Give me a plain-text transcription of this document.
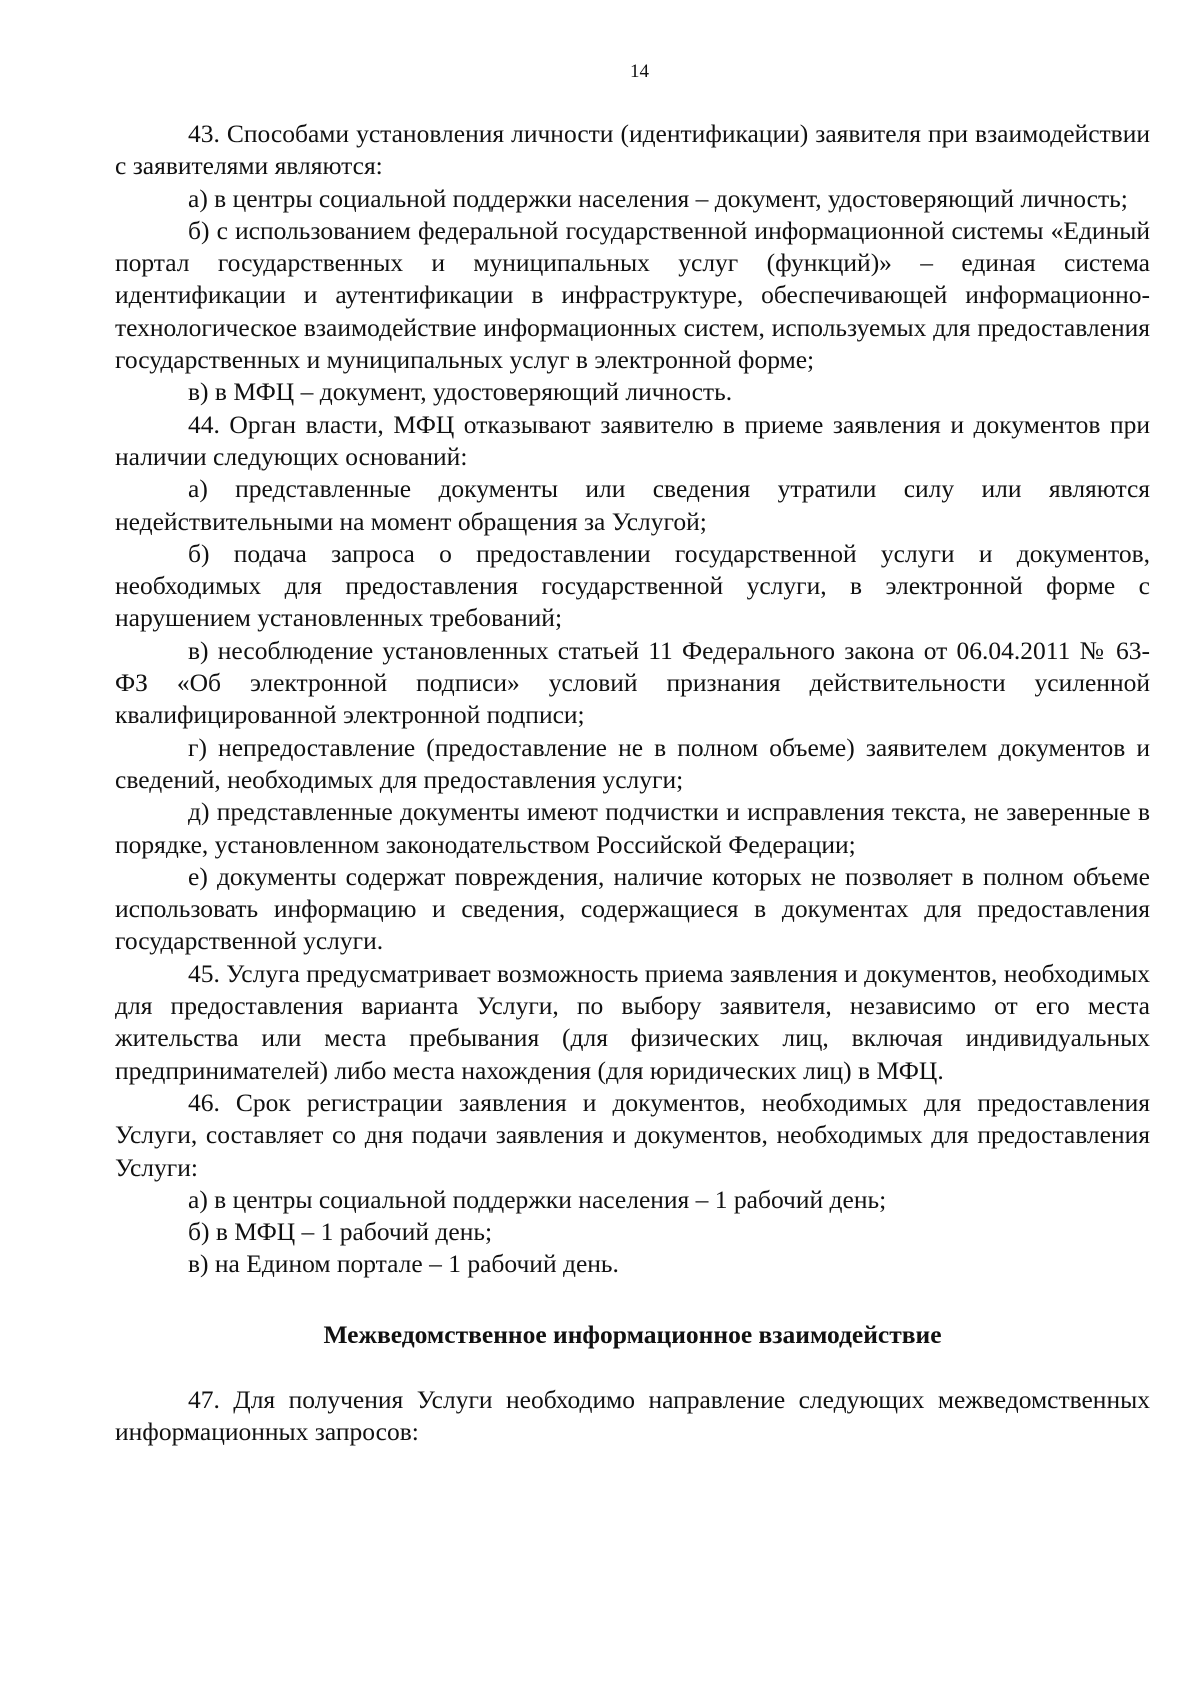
14

43. Способами установления личности (идентификации) заявителя при взаимодействии с заявителями являются:

а) в центры социальной поддержки населения – документ, удостоверяющий личность;

б) с использованием федеральной государственной информационной системы «Единый портал государственных и муниципальных услуг (функций)» – единая система идентификации и аутентификации в инфраструктуре, обеспечивающей информационно-технологическое взаимодействие информационных систем, используемых для предоставления государственных и муниципальных услуг в электронной форме;

в) в МФЦ – документ, удостоверяющий личность.

44. Орган власти, МФЦ отказывают заявителю в приеме заявления и документов при наличии следующих оснований:

а) представленные документы или сведения утратили силу или являются недействительными на момент обращения за Услугой;

б) подача запроса о предоставлении государственной услуги и документов, необходимых для предоставления государственной услуги, в электронной форме с нарушением установленных требований;

в) несоблюдение установленных статьей 11 Федерального закона от 06.04.2011 № 63-ФЗ «Об электронной подписи» условий признания действительности усиленной квалифицированной электронной подписи;

г) непредоставление (предоставление не в полном объеме) заявителем документов и сведений, необходимых для предоставления услуги;

д) представленные документы имеют подчистки и исправления текста, не заверенные в порядке, установленном законодательством Российской Федерации;

е) документы содержат повреждения, наличие которых не позволяет в полном объеме использовать информацию и сведения, содержащиеся в документах для предоставления государственной услуги.

45. Услуга предусматривает возможность приема заявления и документов, необходимых для предоставления варианта Услуги, по выбору заявителя, независимо от его места жительства или места пребывания (для физических лиц, включая индивидуальных предпринимателей) либо места нахождения (для юридических лиц) в МФЦ.

46. Срок регистрации заявления и документов, необходимых для предоставления Услуги, составляет со дня подачи заявления и документов, необходимых для предоставления Услуги:

а) в центры социальной поддержки населения – 1 рабочий день;

б) в МФЦ – 1 рабочий день;

в) на Едином портале – 1 рабочий день.

Межведомственное информационное взаимодействие

47. Для получения Услуги необходимо направление следующих межведомственных информационных запросов:
